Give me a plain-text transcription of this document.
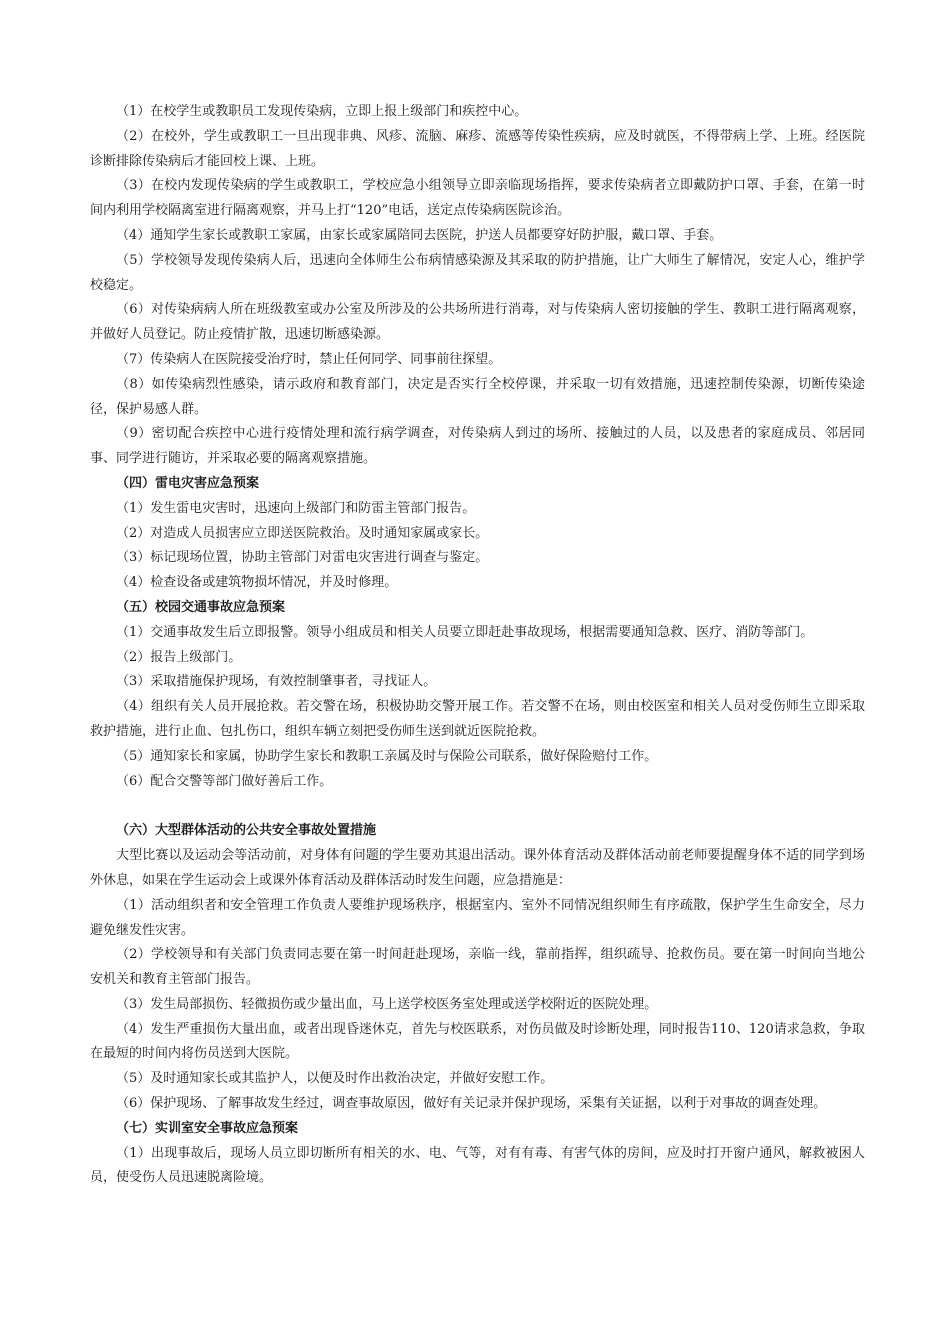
（1）在校学生或教职员工发现传染病，立即上报上级部门和疾控中心。

（2）在校外，学生或教职工一旦出现非典、风疹、流脑、麻疹、流感等传染性疾病，应及时就医，不得带病上学、上班。经医院诊断排除传染病后才能回校上课、上班。

（3）在校内发现传染病的学生或教职工，学校应急小组领导立即亲临现场指挥，要求传染病者立即戴防护口罩、手套，在第一时间内利用学校隔离室进行隔离观察，并马上打“120”电话，送定点传染病医院诊治。

（4）通知学生家长或教职工家属，由家长或家属陪同去医院，护送人员都要穿好防护服，戴口罩、手套。

（5）学校领导发现传染病人后，迅速向全体师生公布病情感染源及其采取的防护措施，让广大师生了解情况，安定人心，维护学校稳定。

（6）对传染病病人所在班级教室或办公室及所涉及的公共场所进行消毒，对与传染病人密切接触的学生、教职工进行隔离观察，并做好人员登记。防止疫情扩散，迅速切断感染源。

（7）传染病人在医院接受治疗时，禁止任何同学、同事前往探望。

（8）如传染病烈性感染，请示政府和教育部门，决定是否实行全校停课，并采取一切有效措施，迅速控制传染源，切断传染途径，保护易感人群。

（9）密切配合疾控中心进行疫情处理和流行病学调查，对传染病人到过的场所、接触过的人员，以及患者的家庭成员、邻居同事、同学进行随访，并采取必要的隔离观察措施。

（四）雷电灾害应急预案

（1）发生雷电灾害时，迅速向上级部门和防雷主管部门报告。

（2）对造成人员损害应立即送医院救治。及时通知家属或家长。

（3）标记现场位置，协助主管部门对雷电灾害进行调查与鉴定。

（4）检查设备或建筑物损坏情况，并及时修理。

（五）校园交通事故应急预案

（1）交通事故发生后立即报警。领导小组成员和相关人员要立即赶赴事故现场，根据需要通知急救、医疗、消防等部门。

（2）报告上级部门。

（3）采取措施保护现场，有效控制肇事者，寻找证人。

（4）组织有关人员开展抢救。若交警在场，积极协助交警开展工作。若交警不在场，则由校医室和相关人员对受伤师生立即采取救护措施，进行止血、包扎伤口，组织车辆立刻把受伤师生送到就近医院抢救。

（5）通知家长和家属，协助学生家长和教职工亲属及时与保险公司联系，做好保险赔付工作。

（6）配合交警等部门做好善后工作。

（六）大型群体活动的公共安全事故处置措施

大型比赛以及运动会等活动前，对身体有问题的学生要劝其退出活动。课外体育活动及群体活动前老师要提醒身体不适的同学到场外休息，如果在学生运动会上或课外体育活动及群体活动时发生问题，应急措施是：

（1）活动组织者和安全管理工作负责人要维护现场秩序，根据室内、室外不同情况组织师生有序疏散，保护学生生命安全，尽力避免继发性灾害。

（2）学校领导和有关部门负责同志要在第一时间赶赴现场，亲临一线，靠前指挥，组织疏导、抢救伤员。要在第一时间向当地公安机关和教育主管部门报告。

（3）发生局部损伤、轻微损伤或少量出血，马上送学校医务室处理或送学校附近的医院处理。

（4）发生严重损伤大量出血，或者出现昏迷休克，首先与校医联系，对伤员做及时诊断处理，同时报告110、120请求急救，争取在最短的时间内将伤员送到大医院。

（5）及时通知家长或其监护人，以便及时作出救治决定，并做好安慰工作。

（6）保护现场、了解事故发生经过，调查事故原因，做好有关记录并保护现场，采集有关证据，以利于对事故的调查处理。

（七）实训室安全事故应急预案

（1）出现事故后，现场人员立即切断所有相关的水、电、气等，对有有毒、有害气体的房间，应及时打开窗户通风，解救被困人员，使受伤人员迅速脱离险境。
